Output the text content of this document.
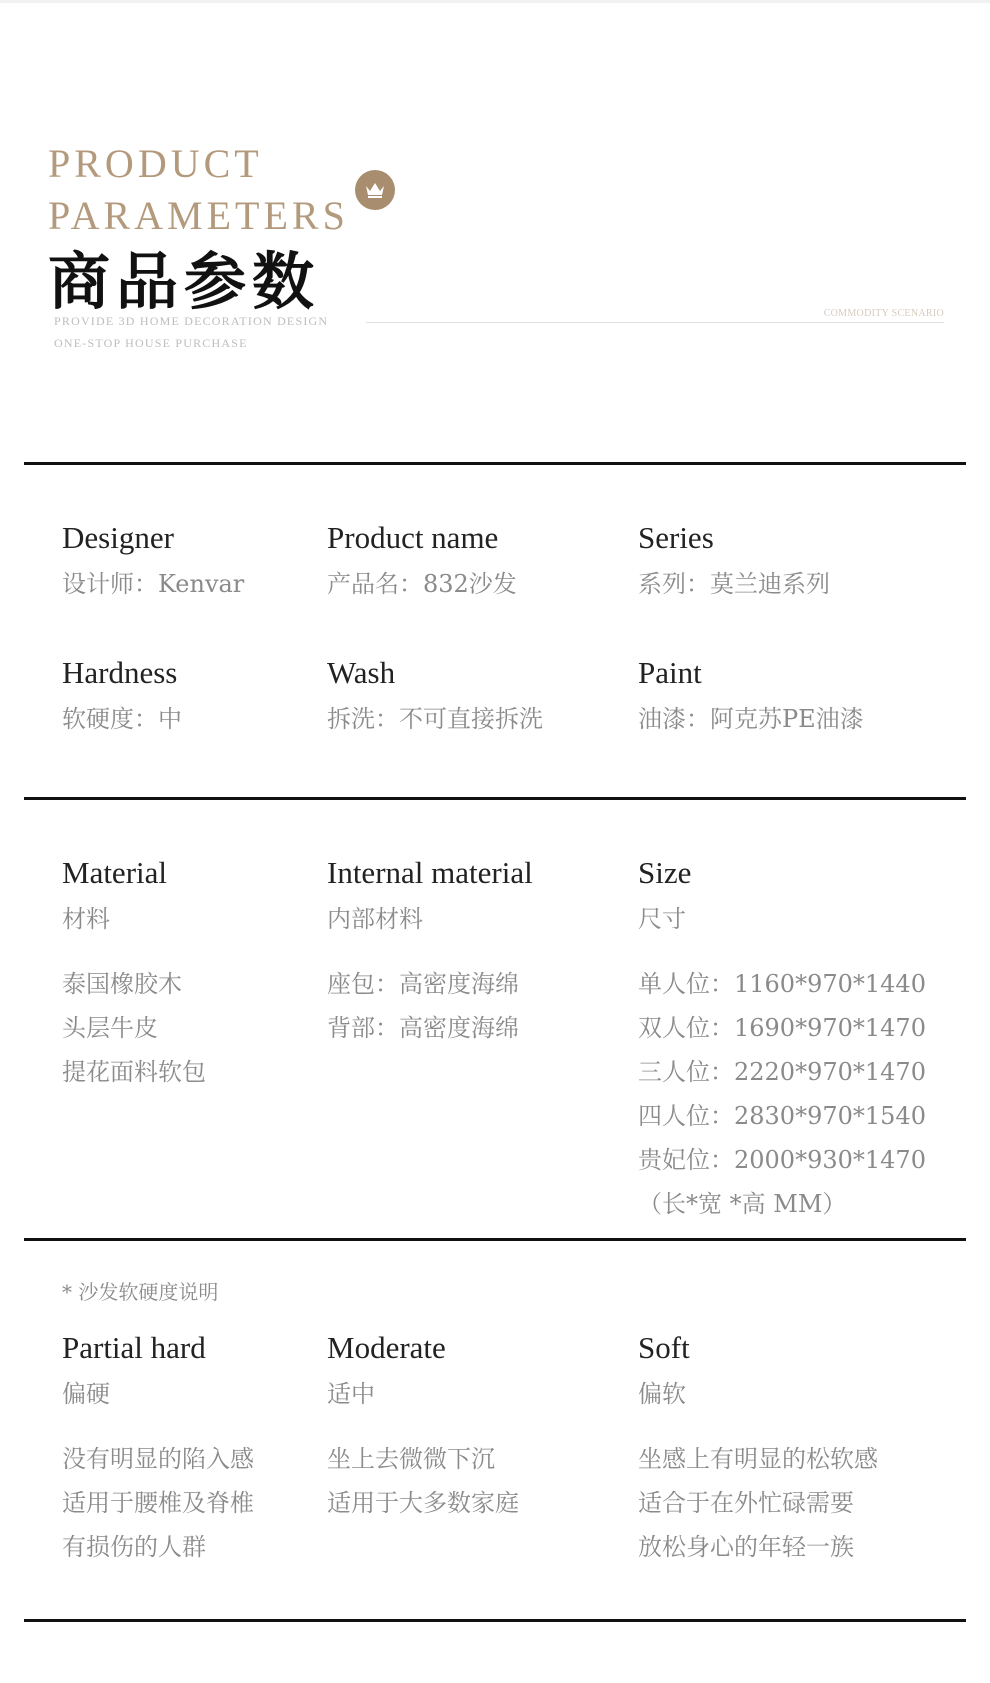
PRODUCT
PARAMETERS
商品参数
PROVIDE 3D HOME DECORATION DESIGN
ONE-STOP HOUSE PURCHASE
COMMODITY SCENARIO
Designer
设计师：Kenvar
Product name
产品名：832沙发
Series
系列：莫兰迪系列
Hardness
软硬度：中
Wash
拆洗：不可直接拆洗
Paint
油漆：阿克苏PE油漆
Material
材料
泰国橡胶木
头层牛皮
提花面料软包
Internal material
内部材料
座包：高密度海绵
背部：高密度海绵
Size
尺寸
单人位：1160*970*1440
双人位：1690*970*1470
三人位：2220*970*1470
四人位：2830*970*1540
贵妃位：2000*930*1470
（长*宽 *高 MM）
* 沙发软硬度说明
Partial hard
偏硬
没有明显的陷入感
适用于腰椎及脊椎
有损伤的人群
Moderate
适中
坐上去微微下沉
适用于大多数家庭
Soft
偏软
坐感上有明显的松软感
适合于在外忙碌需要
放松身心的年轻一族
